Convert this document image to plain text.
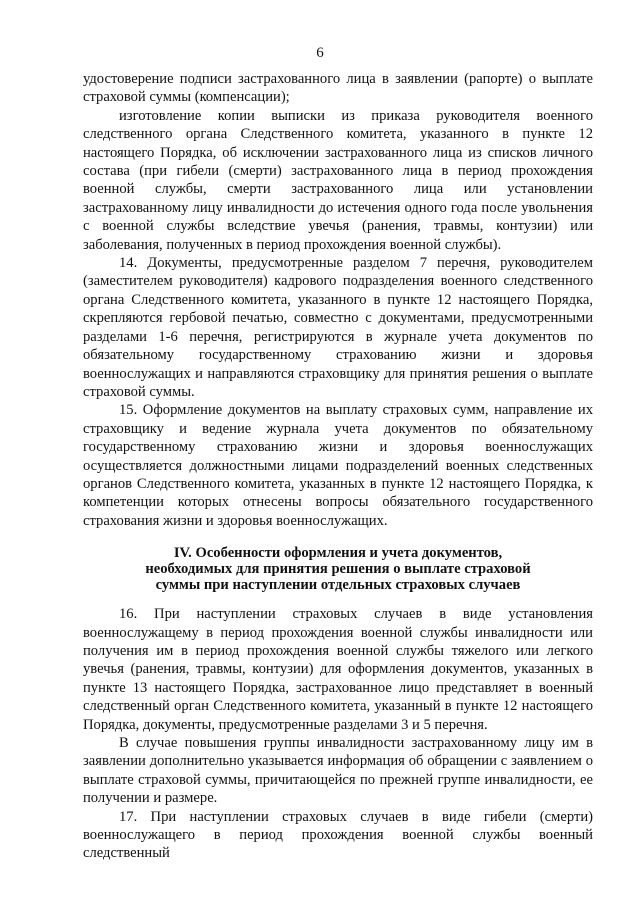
6

удостоверение подписи застрахованного лица в заявлении (рапорте) о выплате страховой суммы (компенсации);

изготовление копии выписки из приказа руководителя военного следственного органа Следственного комитета, указанного в пункте 12 настоящего Порядка, об исключении застрахованного лица из списков личного состава (при гибели (смерти) застрахованного лица в период прохождения военной службы, смерти застрахованного лица или установлении застрахованному лицу инвалидности до истечения одного года после увольнения с военной службы вследствие увечья (ранения, травмы, контузии) или заболевания, полученных в период прохождения военной службы).

14. Документы, предусмотренные разделом 7 перечня, руководителем (заместителем руководителя) кадрового подразделения военного следственного органа Следственного комитета, указанного в пункте 12 настоящего Порядка, скрепляются гербовой печатью, совместно с документами, предусмотренными разделами 1-6 перечня, регистрируются в журнале учета документов по обязательному государственному страхованию жизни и здоровья военнослужащих и направляются страховщику для принятия решения о выплате страховой суммы.

15. Оформление документов на выплату страховых сумм, направление их страховщику и ведение журнала учета документов по обязательному государственному страхованию жизни и здоровья военнослужащих осуществляется должностными лицами подразделений военных следственных органов Следственного комитета, указанных в пункте 12 настоящего Порядка, к компетенции которых отнесены вопросы обязательного государственного страхования жизни и здоровья военнослужащих.

IV. Особенности оформления и учета документов,
необходимых для принятия решения о выплате страховой
суммы при наступлении отдельных страховых случаев

16. При наступлении страховых случаев в виде установления военнослужащему в период прохождения военной службы инвалидности или получения им в период прохождения военной службы тяжелого или легкого увечья (ранения, травмы, контузии) для оформления документов, указанных в пункте 13 настоящего Порядка, застрахованное лицо представляет в военный следственный орган Следственного комитета, указанный в пункте 12 настоящего Порядка, документы, предусмотренные разделами 3 и 5 перечня.

В случае повышения группы инвалидности застрахованному лицу им в заявлении дополнительно указывается информация об обращении с заявлением о выплате страховой суммы, причитающейся по прежней группе инвалидности, ее получении и размере.

17. При наступлении страховых случаев в виде гибели (смерти) военнослужащего в период прохождения военной службы военный следственный
